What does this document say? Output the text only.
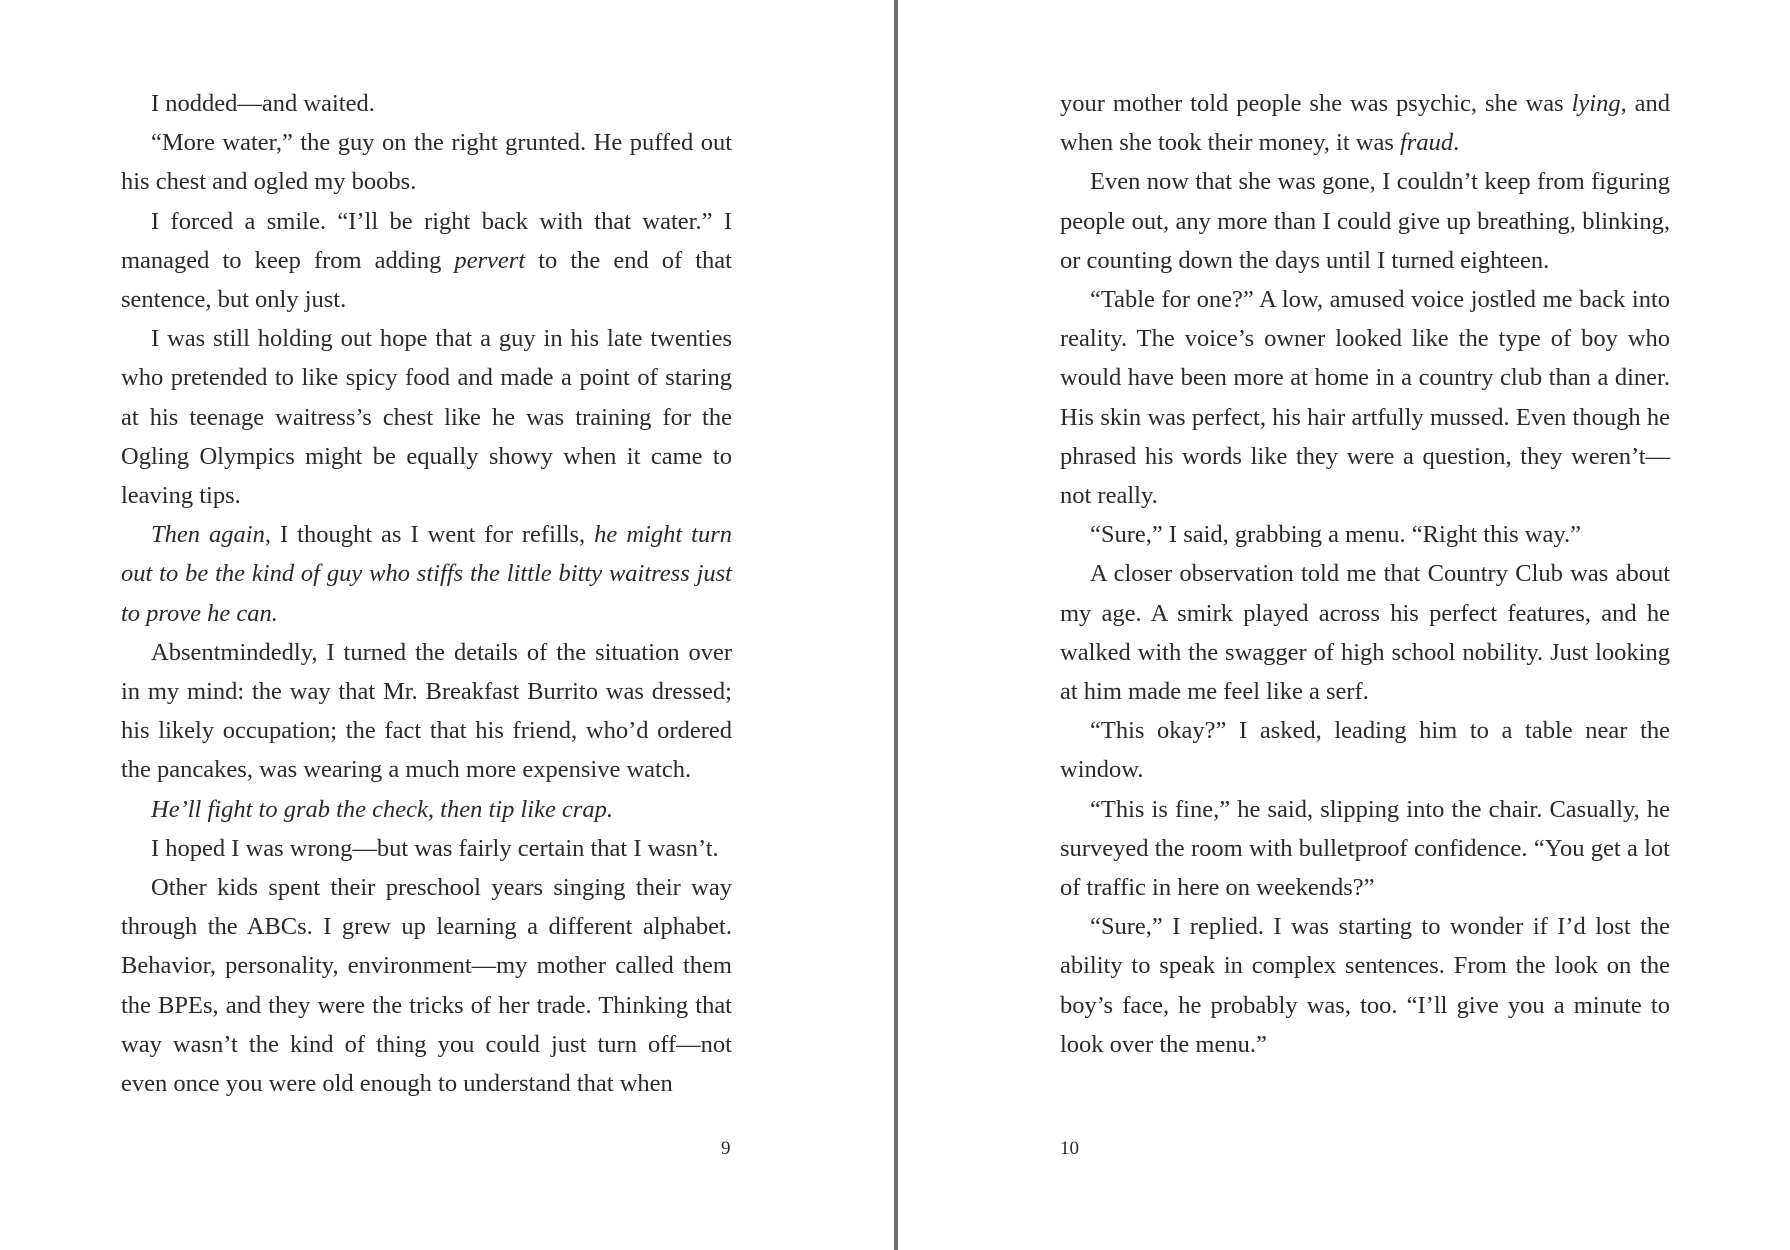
I nodded—and waited.

“More water,” the guy on the right grunted. He puffed out his chest and ogled my boobs.

I forced a smile. “I’ll be right back with that water.” I managed to keep from adding pervert to the end of that sentence, but only just.

I was still holding out hope that a guy in his late twenties who pretended to like spicy food and made a point of staring at his teenage waitress’s chest like he was training for the Ogling Olympics might be equally showy when it came to leaving tips.

Then again, I thought as I went for refills, he might turn out to be the kind of guy who stiffs the little bitty waitress just to prove he can.

Absentmindedly, I turned the details of the situation over in my mind: the way that Mr. Breakfast Burrito was dressed; his likely occupation; the fact that his friend, who’d ordered the pancakes, was wearing a much more expensive watch.

He’ll fight to grab the check, then tip like crap.

I hoped I was wrong—but was fairly certain that I wasn’t.

Other kids spent their preschool years singing their way through the ABCs. I grew up learning a different alphabet. Behavior, personality, environment—my mother called them the BPEs, and they were the tricks of her trade. Thinking that way wasn’t the kind of thing you could just turn off—not even once you were old enough to understand that when

9

your mother told people she was psychic, she was lying, and when she took their money, it was fraud.

Even now that she was gone, I couldn’t keep from figuring people out, any more than I could give up breathing, blinking, or counting down the days until I turned eighteen.

“Table for one?” A low, amused voice jostled me back into reality. The voice’s owner looked like the type of boy who would have been more at home in a country club than a diner. His skin was perfect, his hair artfully mussed. Even though he phrased his words like they were a question, they weren’t—not really.

“Sure,” I said, grabbing a menu. “Right this way.”

A closer observation told me that Country Club was about my age. A smirk played across his perfect features, and he walked with the swagger of high school nobility. Just looking at him made me feel like a serf.

“This okay?” I asked, leading him to a table near the window.

“This is fine,” he said, slipping into the chair. Casually, he surveyed the room with bulletproof confidence. “You get a lot of traffic in here on weekends?”

“Sure,” I replied. I was starting to wonder if I’d lost the ability to speak in complex sentences. From the look on the boy’s face, he probably was, too. “I’ll give you a minute to look over the menu.”

10
